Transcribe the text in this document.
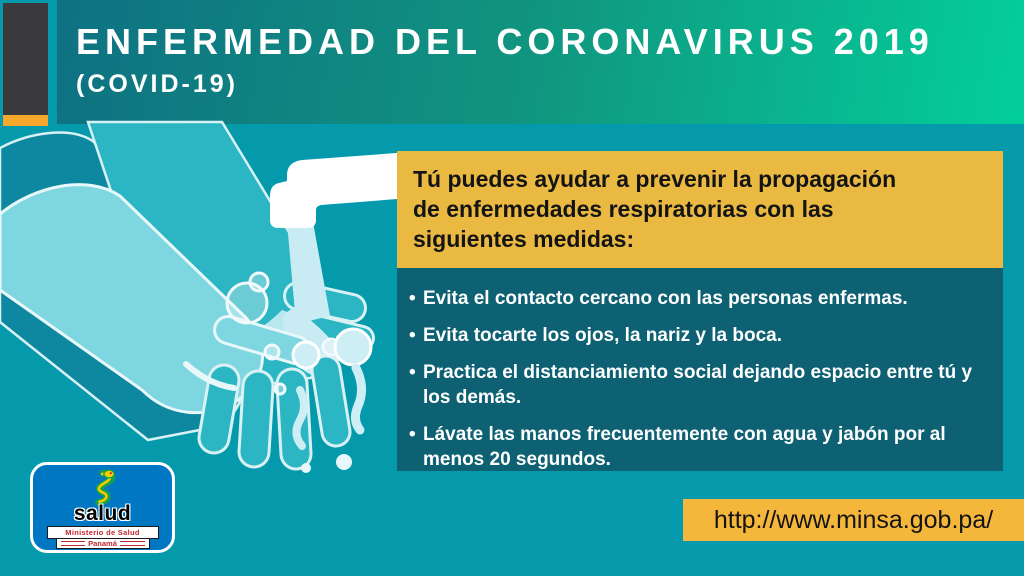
ENFERMEDAD DEL CORONAVIRUS 2019
(COVID-19)
Tú puedes ayudar a prevenir la propagación
de enfermedades respiratorias con las
siguientes medidas:
• Evita el contacto cercano con las personas enfermas.
• Evita tocarte los ojos, la nariz y la boca.
• Practica el distanciamiento social dejando espacio entre tú y los demás.
• Lávate las manos frecuentemente con agua y jabón por al menos 20 segundos.
salud
Ministerio de Salud
Panamá
http://www.minsa.gob.pa/
